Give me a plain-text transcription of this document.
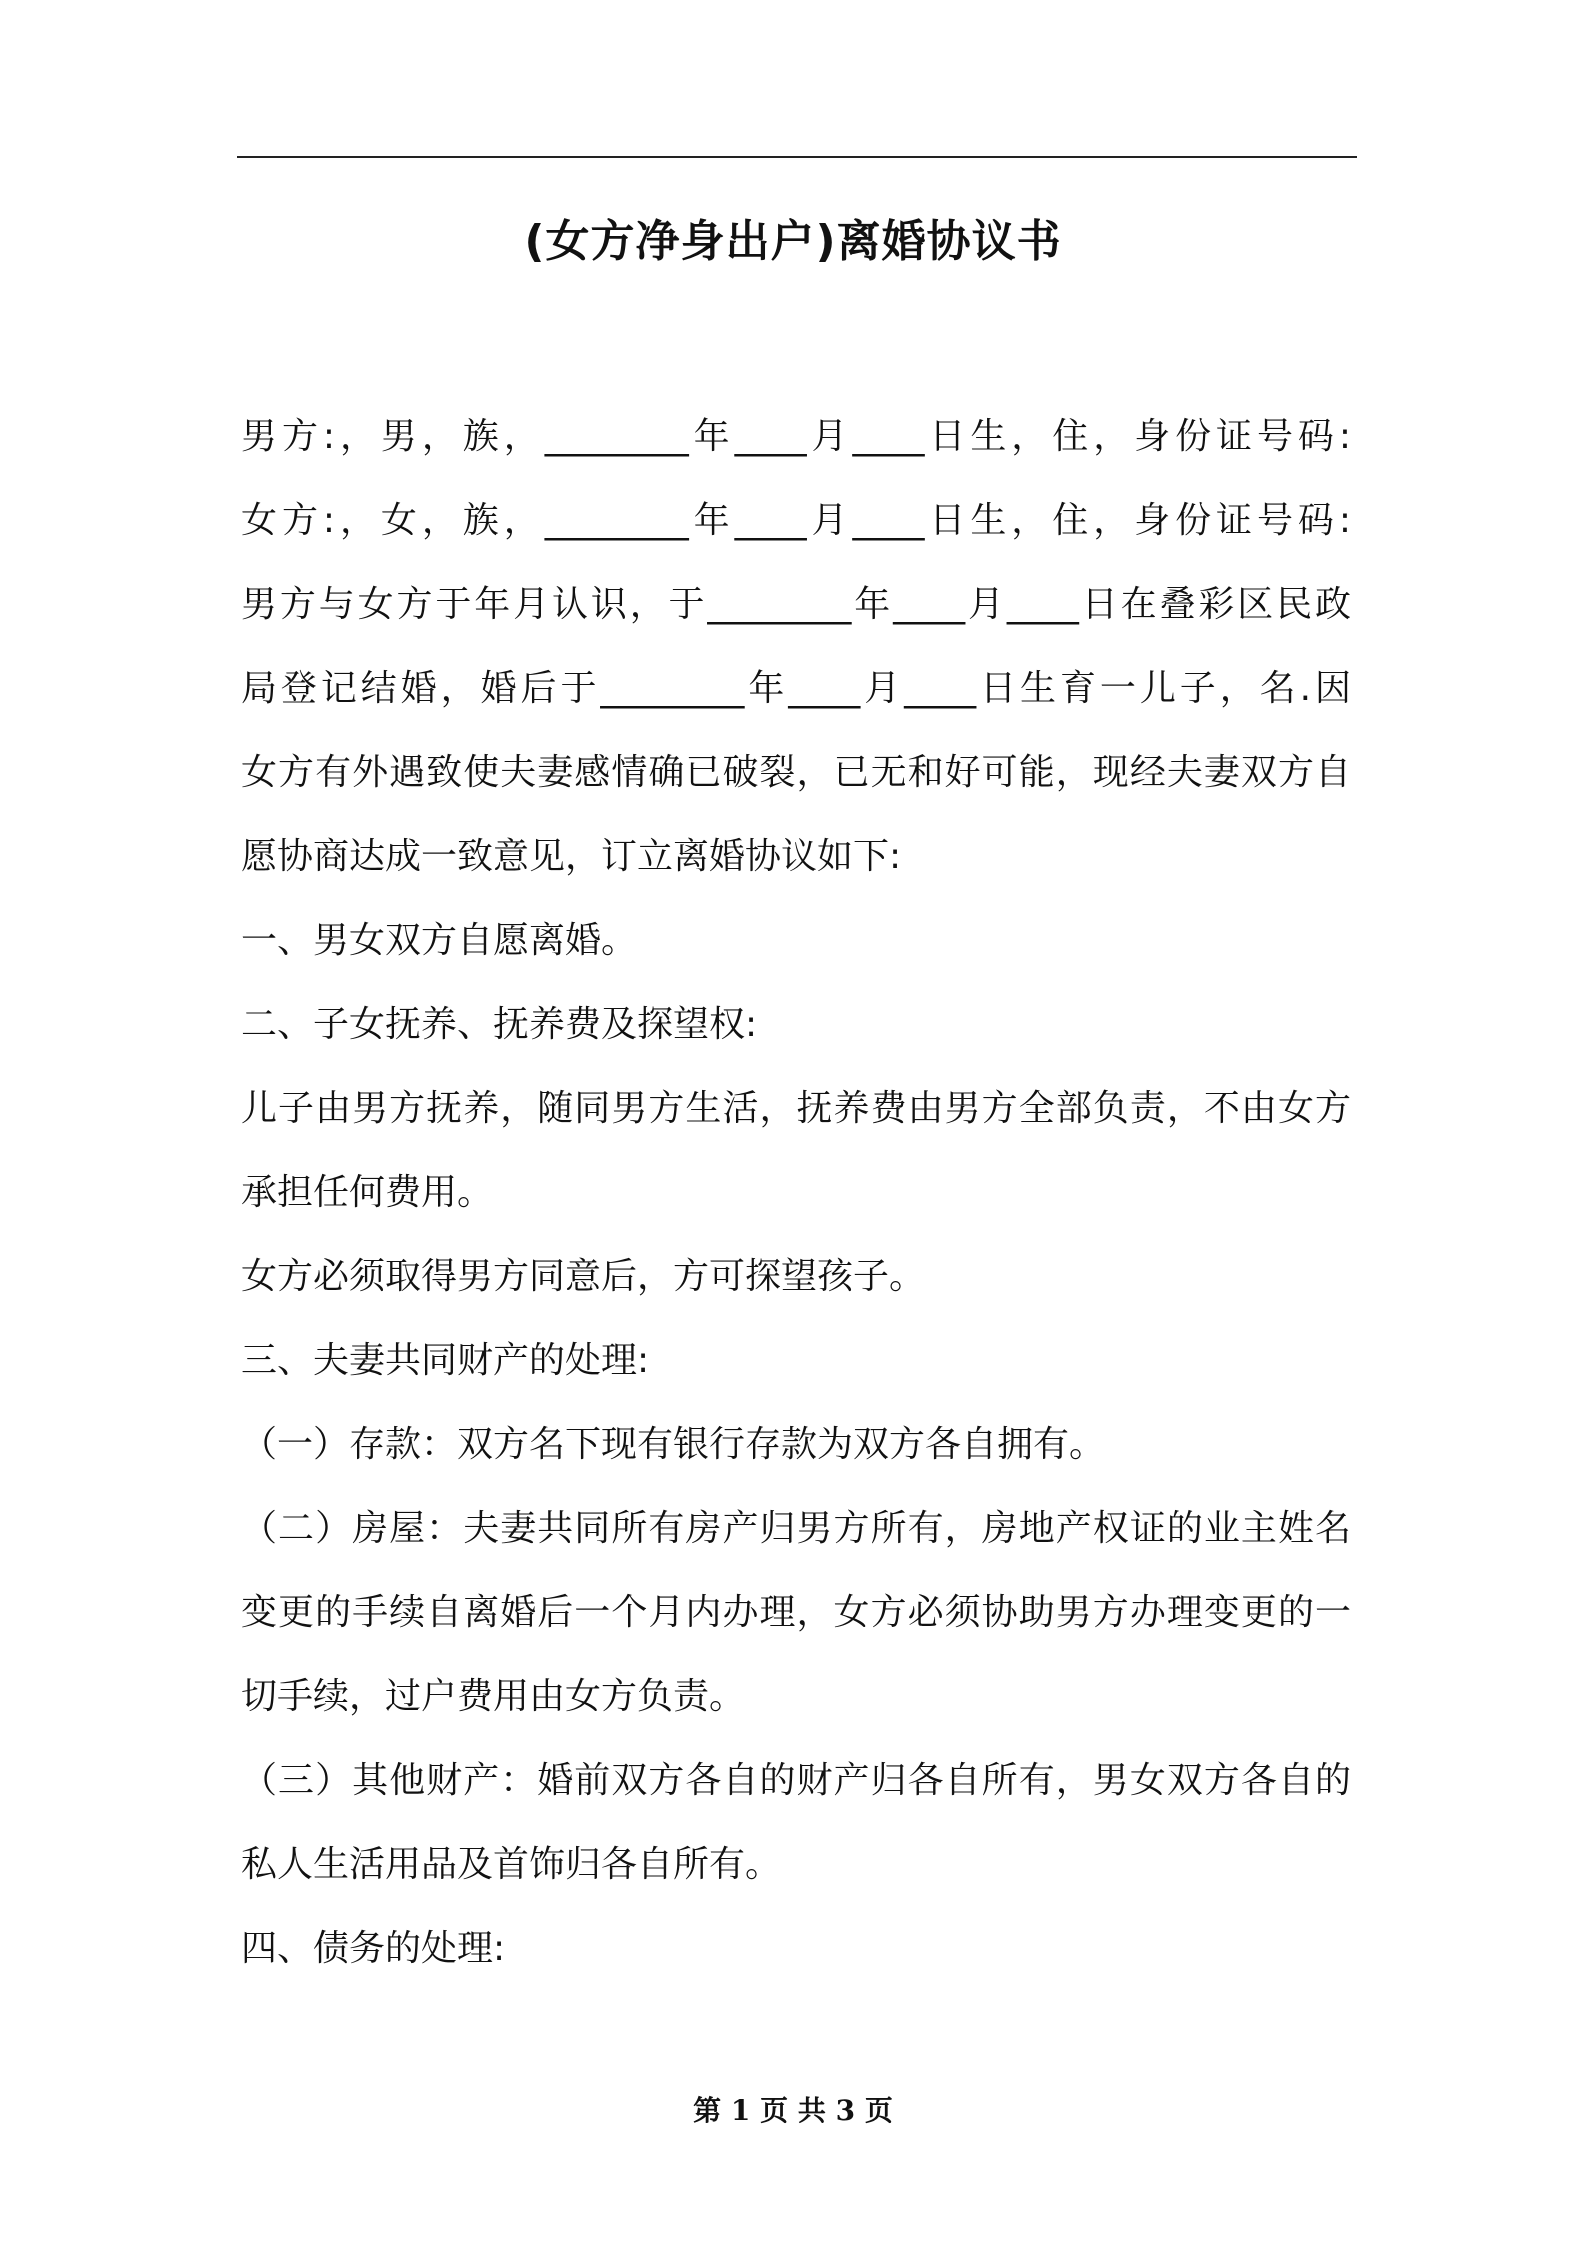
(女方净身出户)离婚协议书
男方:，男，族，________年____月____日生，住，身份证号码:
女方:，女，族，________年____月____日生，住，身份证号码:
男方与女方于年月认识，于________年____月____日在叠彩区民政
局登记结婚，婚后于________年____月____日生育一儿子，名.因
女方有外遇致使夫妻感情确已破裂，已无和好可能，现经夫妻双方自
愿协商达成一致意见，订立离婚协议如下:
一、男女双方自愿离婚。
二、子女抚养、抚养费及探望权:
儿子由男方抚养，随同男方生活，抚养费由男方全部负责，不由女方
承担任何费用。
女方必须取得男方同意后，方可探望孩子。
三、夫妻共同财产的处理:
（一）存款：双方名下现有银行存款为双方各自拥有。
（二）房屋：夫妻共同所有房产归男方所有，房地产权证的业主姓名
变更的手续自离婚后一个月内办理，女方必须协助男方办理变更的一
切手续，过户费用由女方负责。
（三）其他财产：婚前双方各自的财产归各自所有，男女双方各自的
私人生活用品及首饰归各自所有。
四、债务的处理:
第 1 页 共 3 页
